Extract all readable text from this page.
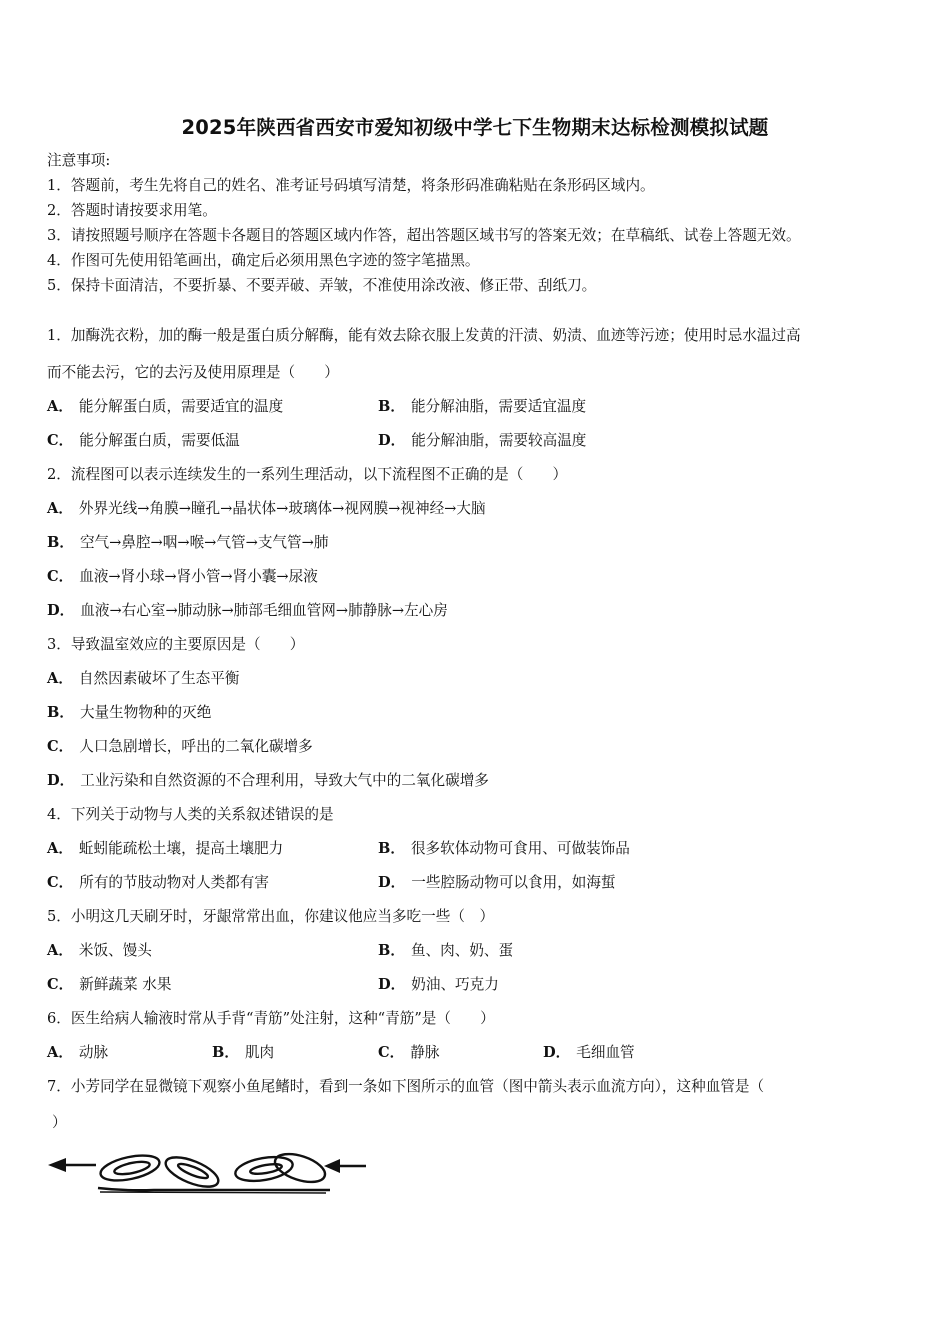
2025年陕西省西安市爱知初级中学七下生物期末达标检测模拟试题
注意事项:
1．答题前，考生先将自己的姓名、准考证号码填写清楚，将条形码准确粘贴在条形码区域内。
2．答题时请按要求用笔。
3．请按照题号顺序在答题卡各题目的答题区域内作答，超出答题区域书写的答案无效；在草稿纸、试卷上答题无效。
4．作图可先使用铅笔画出，确定后必须用黑色字迹的签字笔描黑。
5．保持卡面清洁，不要折暴、不要弄破、弄皱，不准使用涂改液、修正带、刮纸刀。
1．加酶洗衣粉，加的酶一般是蛋白质分解酶，能有效去除衣服上发黄的汗渍、奶渍、血迹等污迹；使用时忌水温过高
而不能去污，它的去污及使用原理是（　　）
A． 能分解蛋白质，需要适宜的温度	B． 能分解油脂，需要适宜温度
C． 能分解蛋白质，需要低温	D． 能分解油脂，需要较高温度
2．流程图可以表示连续发生的一系列生理活动，以下流程图不正确的是（　　）
A． 外界光线→角膜→瞳孔→晶状体→玻璃体→视网膜→视神经→大脑
B． 空气→鼻腔→咽→喉→气管→支气管→肺
C． 血液→肾小球→肾小管→肾小囊→尿液
D． 血液→右心室→肺动脉→肺部毛细血管网→肺静脉→左心房
3．导致温室效应的主要原因是（　　）
A． 自然因素破坏了生态平衡
B． 大量生物物种的灭绝
C． 人口急剧增长，呼出的二氧化碳增多
D． 工业污染和自然资源的不合理利用，导致大气中的二氧化碳增多
4．下列关于动物与人类的关系叙述错误的是
A． 蚯蚓能疏松土壤，提高土壤肥力	B． 很多软体动物可食用、可做装饰品
C． 所有的节肢动物对人类都有害	D． 一些腔肠动物可以食用，如海蜇
5．小明这几天刷牙时，牙龈常常出血，你建议他应当多吃一些（　）
A． 米饭、馒头	B． 鱼、肉、奶、蛋
C． 新鲜蔬菜 水果	D． 奶油、巧克力
6．医生给病人输液时常从手背“青筋”处注射，这种“青筋”是（　　）
A． 动脉	B． 肌肉	C． 静脉	D． 毛细血管
7．小芳同学在显微镜下观察小鱼尾鳍时，看到一条如下图所示的血管（图中箭头表示血流方向），这种血管是（
）
